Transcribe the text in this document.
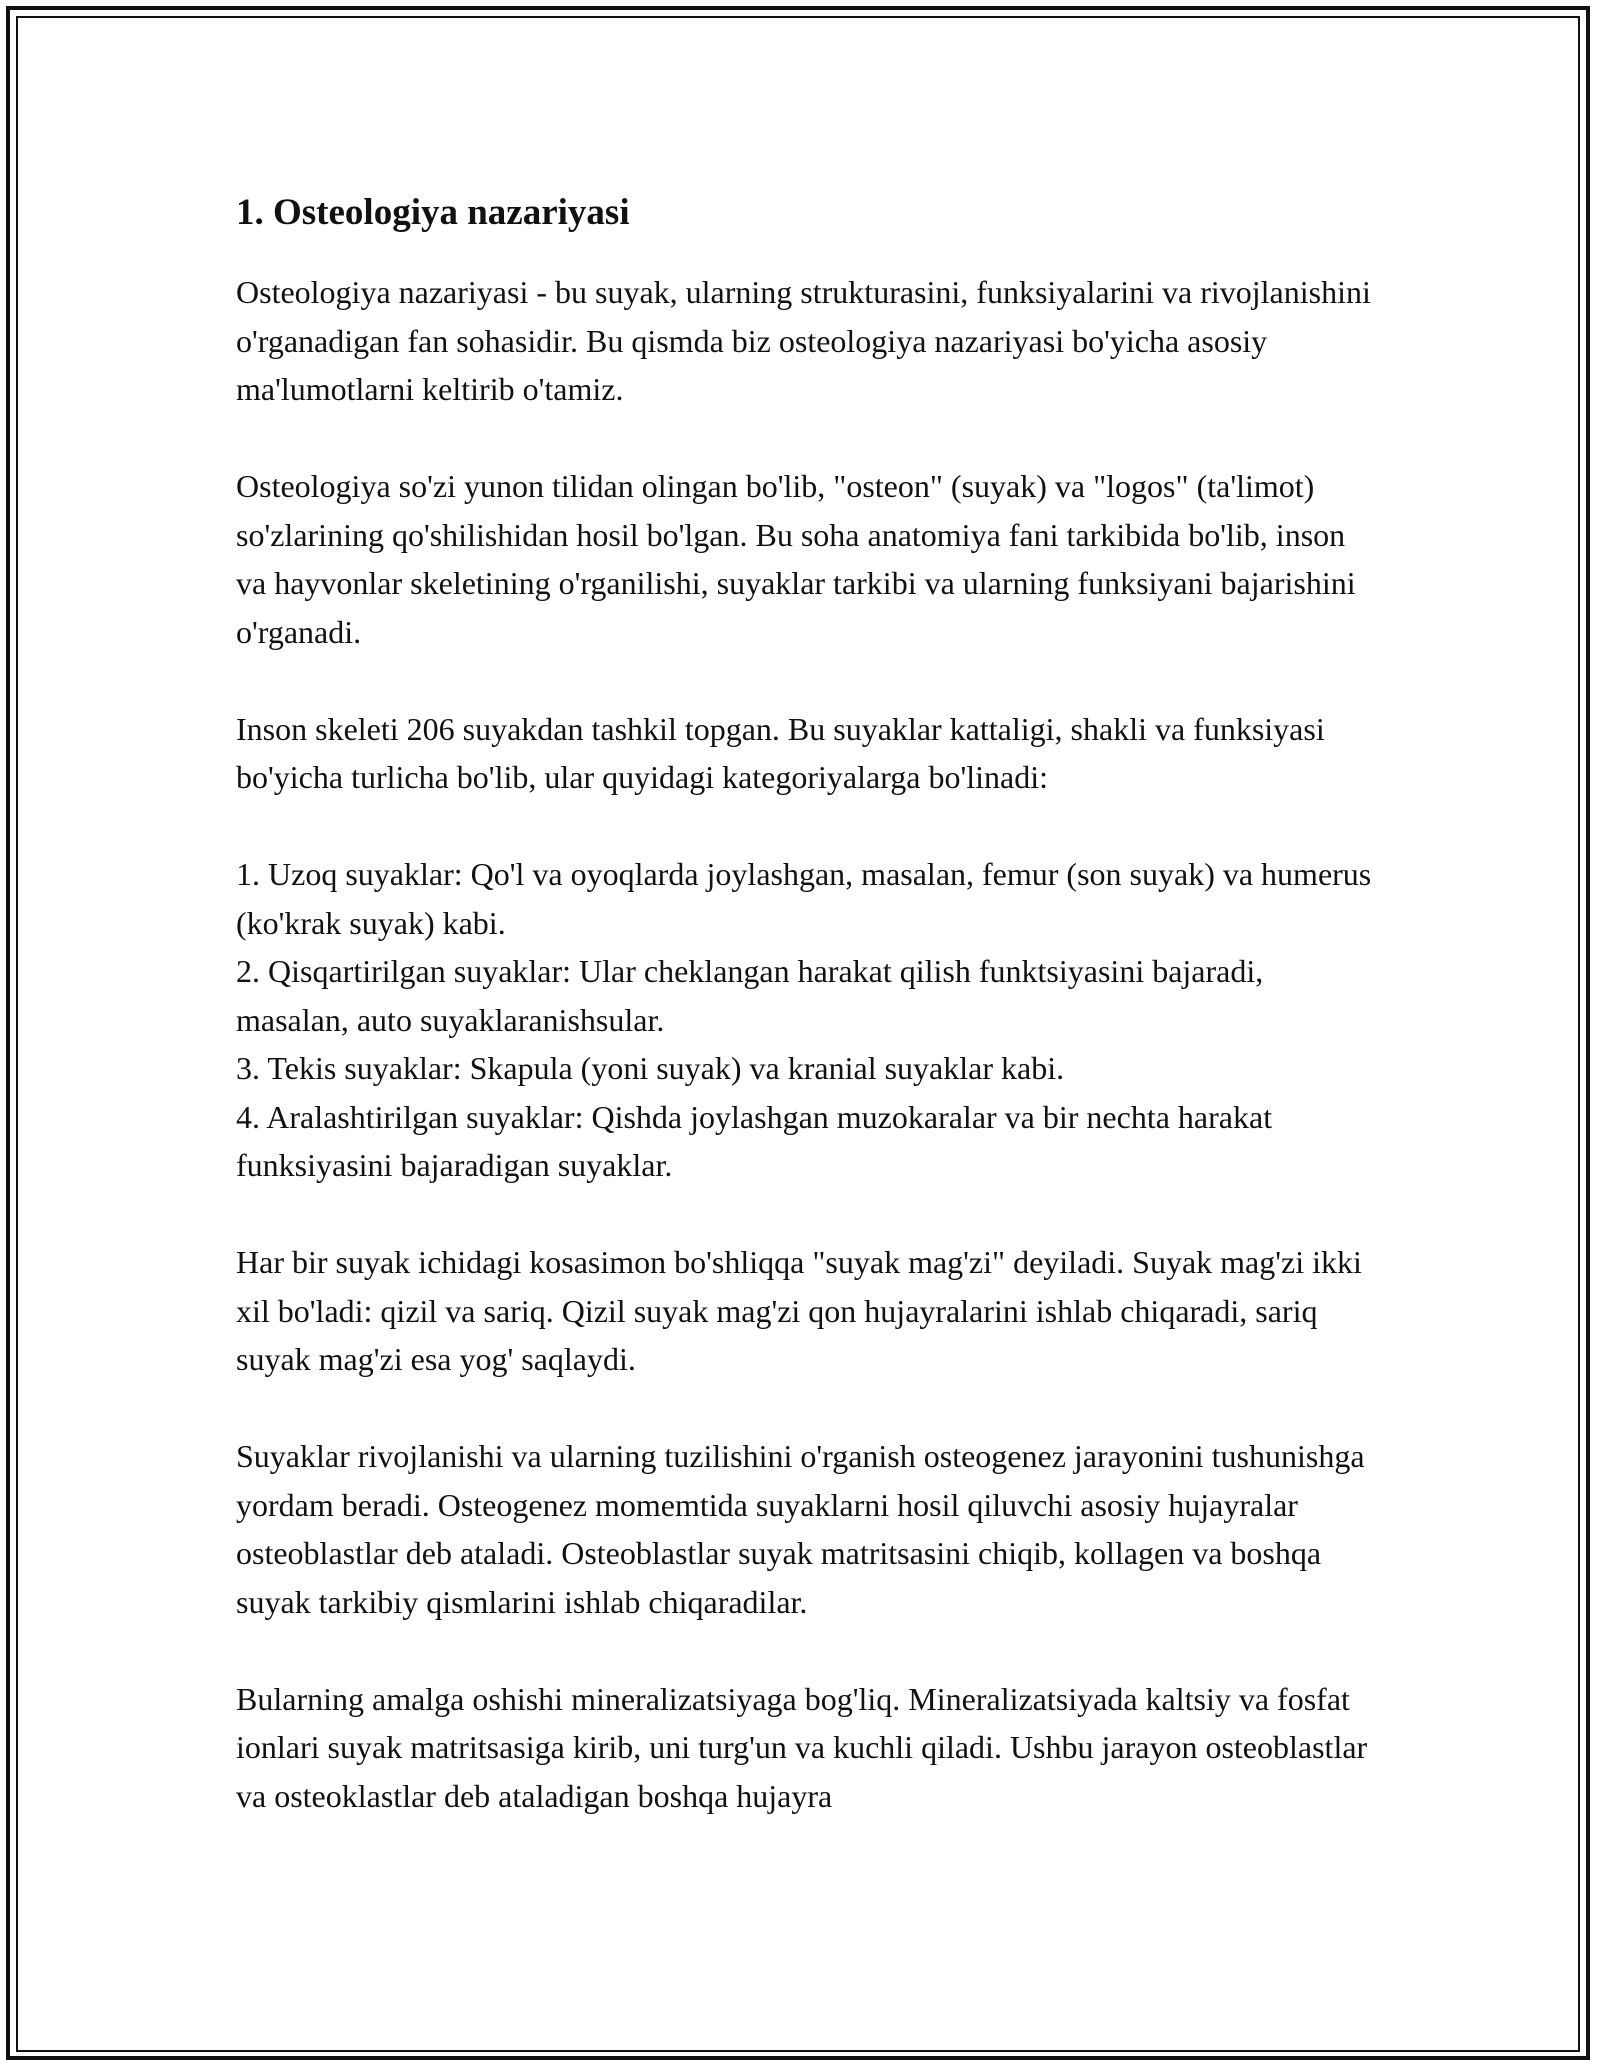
1. Osteologiya nazariyasi

Osteologiya nazariyasi - bu suyak, ularning strukturasini, funksiyalarini va rivojlanishini o'rganadigan fan sohasidir. Bu qismda biz osteologiya nazariyasi bo'yicha asosiy ma'lumotlarni keltirib o'tamiz.

Osteologiya so'zi yunon tilidan olingan bo'lib, "osteon" (suyak) va "logos" (ta'limot) so'zlarining qo'shilishidan hosil bo'lgan. Bu soha anatomiya fani tarkibida bo'lib, inson va hayvonlar skeletining o'rganilishi, suyaklar tarkibi va ularning funksiyani bajarishini o'rganadi.

Inson skeleti 206 suyakdan tashkil topgan. Bu suyaklar kattaligi, shakli va funksiyasi bo'yicha turlicha bo'lib, ular quyidagi kategoriyalarga bo'linadi:

1. Uzoq suyaklar: Qo'l va oyoqlarda joylashgan, masalan, femur (son suyak) va humerus (ko'krak suyak) kabi.
2. Qisqartirilgan suyaklar: Ular cheklangan harakat qilish funktsiyasini bajaradi, masalan, auto suyaklaranishsular.
3. Tekis suyaklar: Skapula (yoni suyak) va kranial suyaklar kabi.
4. Aralashtirilgan suyaklar: Qishda joylashgan muzokaralar va bir nechta harakat funksiyasini bajaradigan suyaklar.

Har bir suyak ichidagi kosasimon bo'shliqqa "suyak mag'zi" deyiladi. Suyak mag'zi ikki xil bo'ladi: qizil va sariq. Qizil suyak mag'zi qon hujayralarini ishlab chiqaradi, sariq suyak mag'zi esa yog' saqlaydi.

Suyaklar rivojlanishi va ularning tuzilishini o'rganish osteogenez jarayonini tushunishga yordam beradi. Osteogenez momemtida suyaklarni hosil qiluvchi asosiy hujayralar osteoblastlar deb ataladi. Osteoblastlar suyak matritsasini chiqib, kollagen va boshqa suyak tarkibiy qismlarini ishlab chiqaradilar.

Bularning amalga oshishi mineralizatsiyaga bog'liq. Mineralizatsiyada kaltsiy va fosfat ionlari suyak matritsasiga kirib, uni turg'un va kuchli qiladi. Ushbu jarayon osteoblastlar va osteoklastlar deb ataladigan boshqa hujayra
